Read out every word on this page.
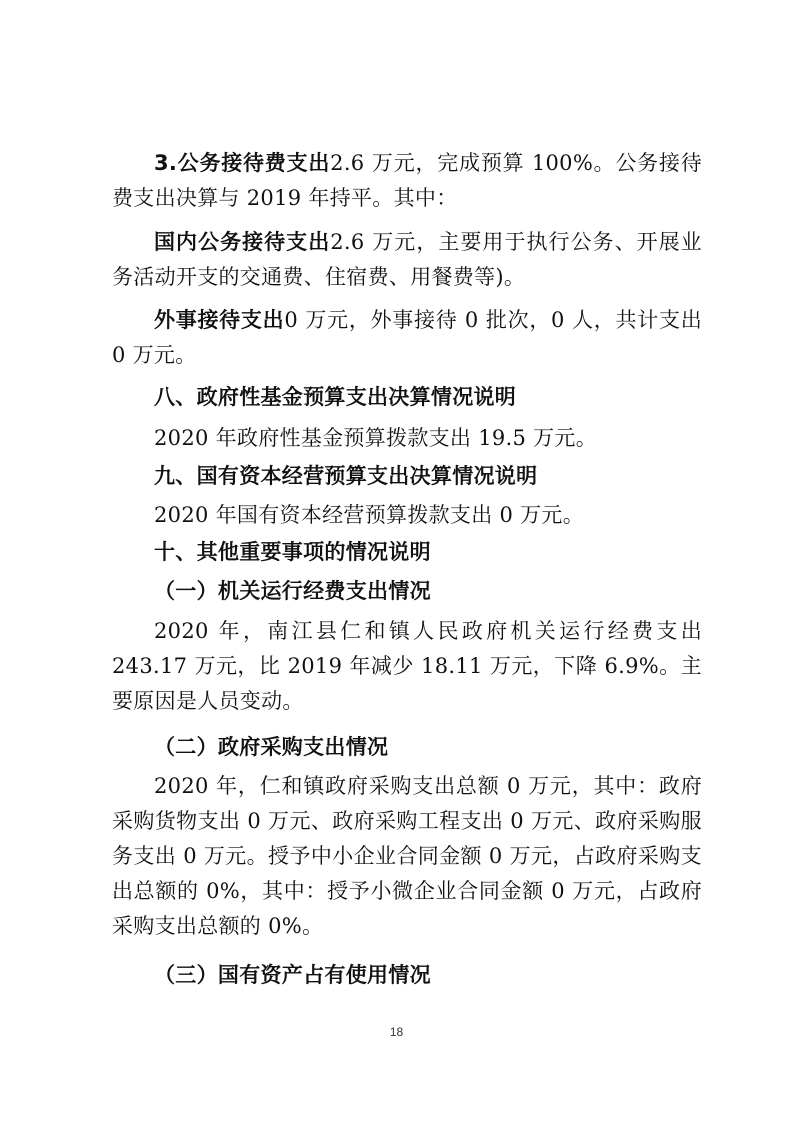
3.公务接待费支出2.6 万元，完成预算 100%。公务接待费支出决算与 2019 年持平。其中：

国内公务接待支出2.6 万元，主要用于执行公务、开展业务活动开支的交通费、住宿费、用餐费等)。

外事接待支出0 万元，外事接待 0 批次，0 人，共计支出 0 万元。

八、政府性基金预算支出决算情况说明

2020 年政府性基金预算拨款支出 19.5 万元。

九、国有资本经营预算支出决算情况说明

2020 年国有资本经营预算拨款支出 0 万元。

十、其他重要事项的情况说明

（一）机关运行经费支出情况

2020 年，南江县仁和镇人民政府机关运行经费支出 243.17 万元，比 2019 年减少 18.11 万元，下降 6.9%。主要原因是人员变动。

（二）政府采购支出情况

2020 年，仁和镇政府采购支出总额 0 万元，其中：政府采购货物支出 0 万元、政府采购工程支出 0 万元、政府采购服务支出 0 万元。授予中小企业合同金额 0 万元，占政府采购支出总额的 0%，其中：授予小微企业合同金额 0 万元，占政府采购支出总额的 0%。

（三）国有资产占有使用情况

18
